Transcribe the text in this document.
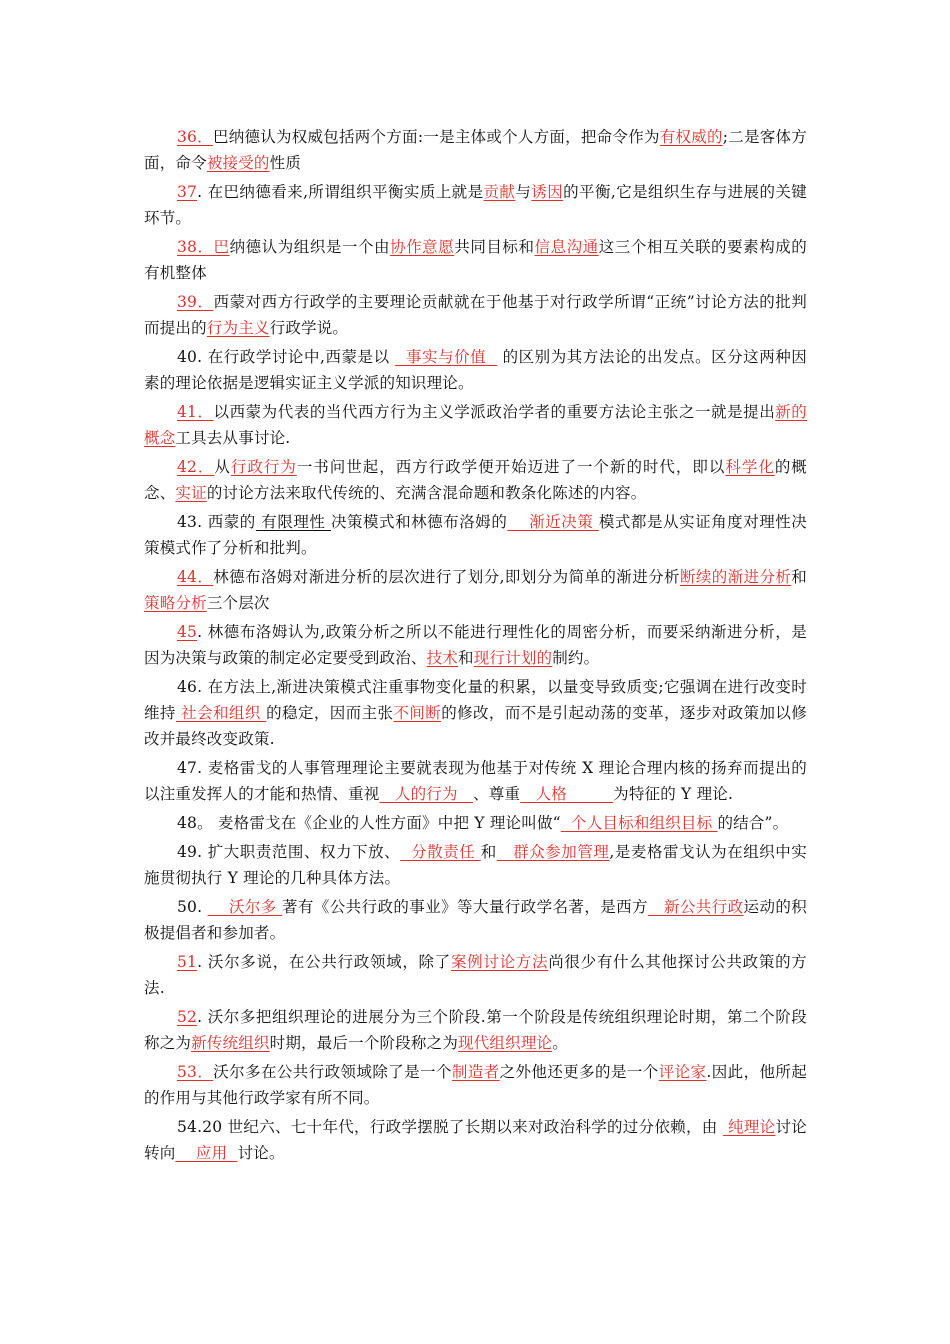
36．巴纳德认为权威包括两个方面:一是主体或个人方面，把命令作为有权威的;二是客体方面，命令被接受的性质

37. 在巴纳德看来,所谓组织平衡实质上就是贡献与诱因的平衡,它是组织生存与进展的关键环节。

38．巴纳德认为组织是一个由协作意愿共同目标和信息沟通这三个相互关联的要素构成的有机整体

39．西蒙对西方行政学的主要理论贡献就在于他基于对行政学所谓“正统”讨论方法的批判而提出的行为主义行政学说。

40. 在行政学讨论中,西蒙是以   事实与价值   的区别为其方法论的出发点。区分这两种因素的理论依据是逻辑实证主义学派的知识理论。

41．以西蒙为代表的当代西方行为主义学派政治学者的重要方法论主张之一就是提出新的概念工具去从事讨论.

42．从行政行为一书问世起，西方行政学便开始迈进了一个新的时代，即以科学化的概念、实证的讨论方法来取代传统的、充满含混命题和教条化陈述的内容。

43. 西蒙的 有限理性 决策模式和林德布洛姆的    渐近决策 模式都是从实证角度对理性决策模式作了分析和批判。

44．林德布洛姆对渐进分析的层次进行了划分,即划分为简单的渐进分析断续的渐进分析和策略分析三个层次

45. 林德布洛姆认为,政策分析之所以不能进行理性化的周密分析，而要采纳渐进分析，是因为决策与政策的制定必定要受到政治、技术和现行计划的制约。

46. 在方法上,渐进决策模式注重事物变化量的积累，以量变导致质变;它强调在进行改变时维持 社会和组织 的稳定，因而主张不间断的修改，而不是引起动荡的变革，逐步对政策加以修改并最终改变政策.

47. 麦格雷戈的人事管理理论主要就表现为他基于对传统 X 理论合理内核的扬弃而提出的以注重发挥人的才能和热情、重视   人的行为   、尊重   人格         为特征的 Y 理论.

48。 麦格雷戈在《企业的人性方面》中把 Y 理论叫做“  个人目标和组织目标 的结合”。

49. 扩大职责范围、权力下放、  分散责任 和   群众参加管理,是麦格雷戈认为在组织中实施贯彻执行 Y 理论的几种具体方法。

50.     沃尔多 著有《公共行政的事业》等大量行政学名著，是西方   新公共行政运动的积极提倡者和参加者。

51. 沃尔多说，在公共行政领域，除了案例讨论方法尚很少有什么其他探讨公共政策的方法.

52. 沃尔多把组织理论的进展分为三个阶段.第一个阶段是传统组织理论时期，第二个阶段称之为新传统组织时期，最后一个阶段称之为现代组织理论。

53．沃尔多在公共行政领域除了是一个制造者之外他还更多的是一个评论家.因此，他所起的作用与其他行政学家有所不同。

54.20 世纪六、七十年代，行政学摆脱了长期以来对政治科学的过分依赖，由  纯理论讨论转向    应用  讨论。
